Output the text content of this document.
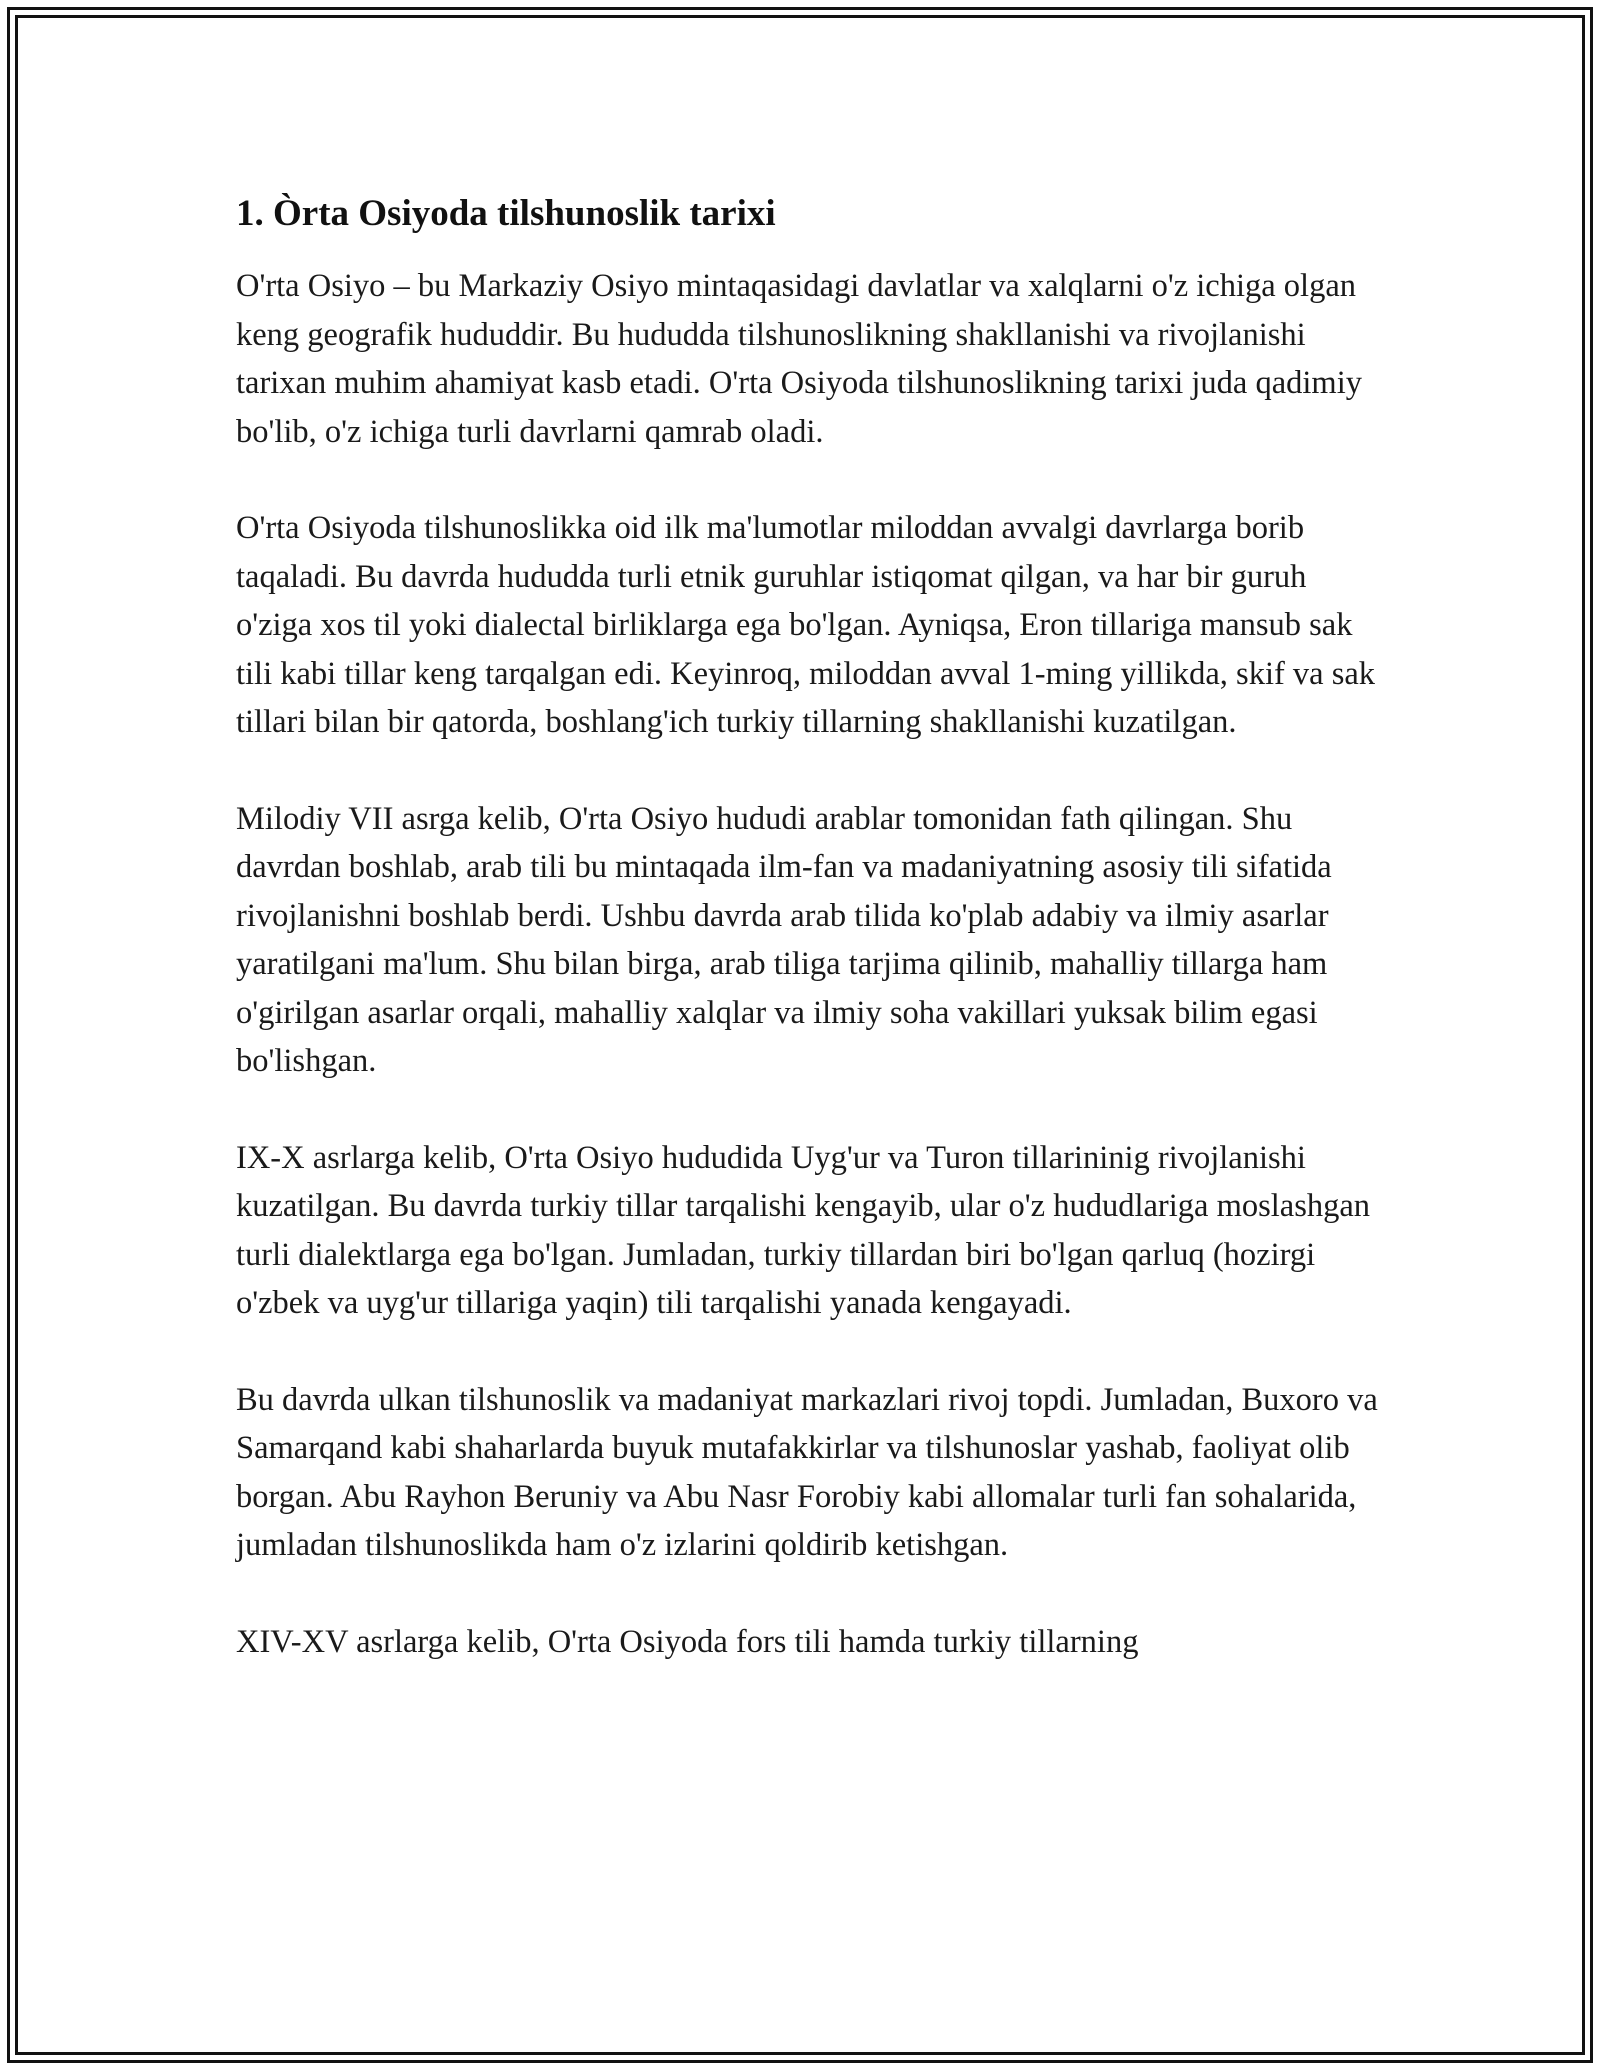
1. Òrta Osiyoda tilshunoslik tarixi

O'rta Osiyo – bu Markaziy Osiyo mintaqasidagi davlatlar va xalqlarni o'z ichiga olgan keng geografik hududdir. Bu hududda tilshunoslikning shakllanishi va rivojlanishi tarixan muhim ahamiyat kasb etadi. O'rta Osiyoda tilshunoslikning tarixi juda qadimiy bo'lib, o'z ichiga turli davrlarni qamrab oladi.

O'rta Osiyoda tilshunoslikka oid ilk ma'lumotlar miloddan avvalgi davrlarga borib taqaladi. Bu davrda hududda turli etnik guruhlar istiqomat qilgan, va har bir guruh o'ziga xos til yoki dialectal birliklarga ega bo'lgan. Ayniqsa, Eron tillariga mansub sak tili kabi tillar keng tarqalgan edi. Keyinroq, miloddan avval 1-ming yillikda, skif va sak tillari bilan bir qatorda, boshlang'ich turkiy tillarning shakllanishi kuzatilgan.

Milodiy VII asrga kelib, O'rta Osiyo hududi arablar tomonidan fath qilingan. Shu davrdan boshlab, arab tili bu mintaqada ilm-fan va madaniyatning asosiy tili sifatida rivojlanishni boshlab berdi. Ushbu davrda arab tilida ko'plab adabiy va ilmiy asarlar yaratilgani ma'lum. Shu bilan birga, arab tiliga tarjima qilinib, mahalliy tillarga ham o'girilgan asarlar orqali, mahalliy xalqlar va ilmiy soha vakillari yuksak bilim egasi bo'lishgan.

IX-X asrlarga kelib, O'rta Osiyo hududida Uyg'ur va Turon tillarininig rivojlanishi kuzatilgan. Bu davrda turkiy tillar tarqalishi kengayib, ular o'z hududlariga moslashgan turli dialektlarga ega bo'lgan. Jumladan, turkiy tillardan biri bo'lgan qarluq (hozirgi o'zbek va uyg'ur tillariga yaqin) tili tarqalishi yanada kengayadi.

Bu davrda ulkan tilshunoslik va madaniyat markazlari rivoj topdi. Jumladan, Buxoro va Samarqand kabi shaharlarda buyuk mutafakkirlar va tilshunoslar yashab, faoliyat olib borgan. Abu Rayhon Beruniy va Abu Nasr Forobiy kabi allomalar turli fan sohalarida, jumladan tilshunoslikda ham o'z izlarini qoldirib ketishgan.

XIV-XV asrlarga kelib, O'rta Osiyoda fors tili hamda turkiy tillarning
